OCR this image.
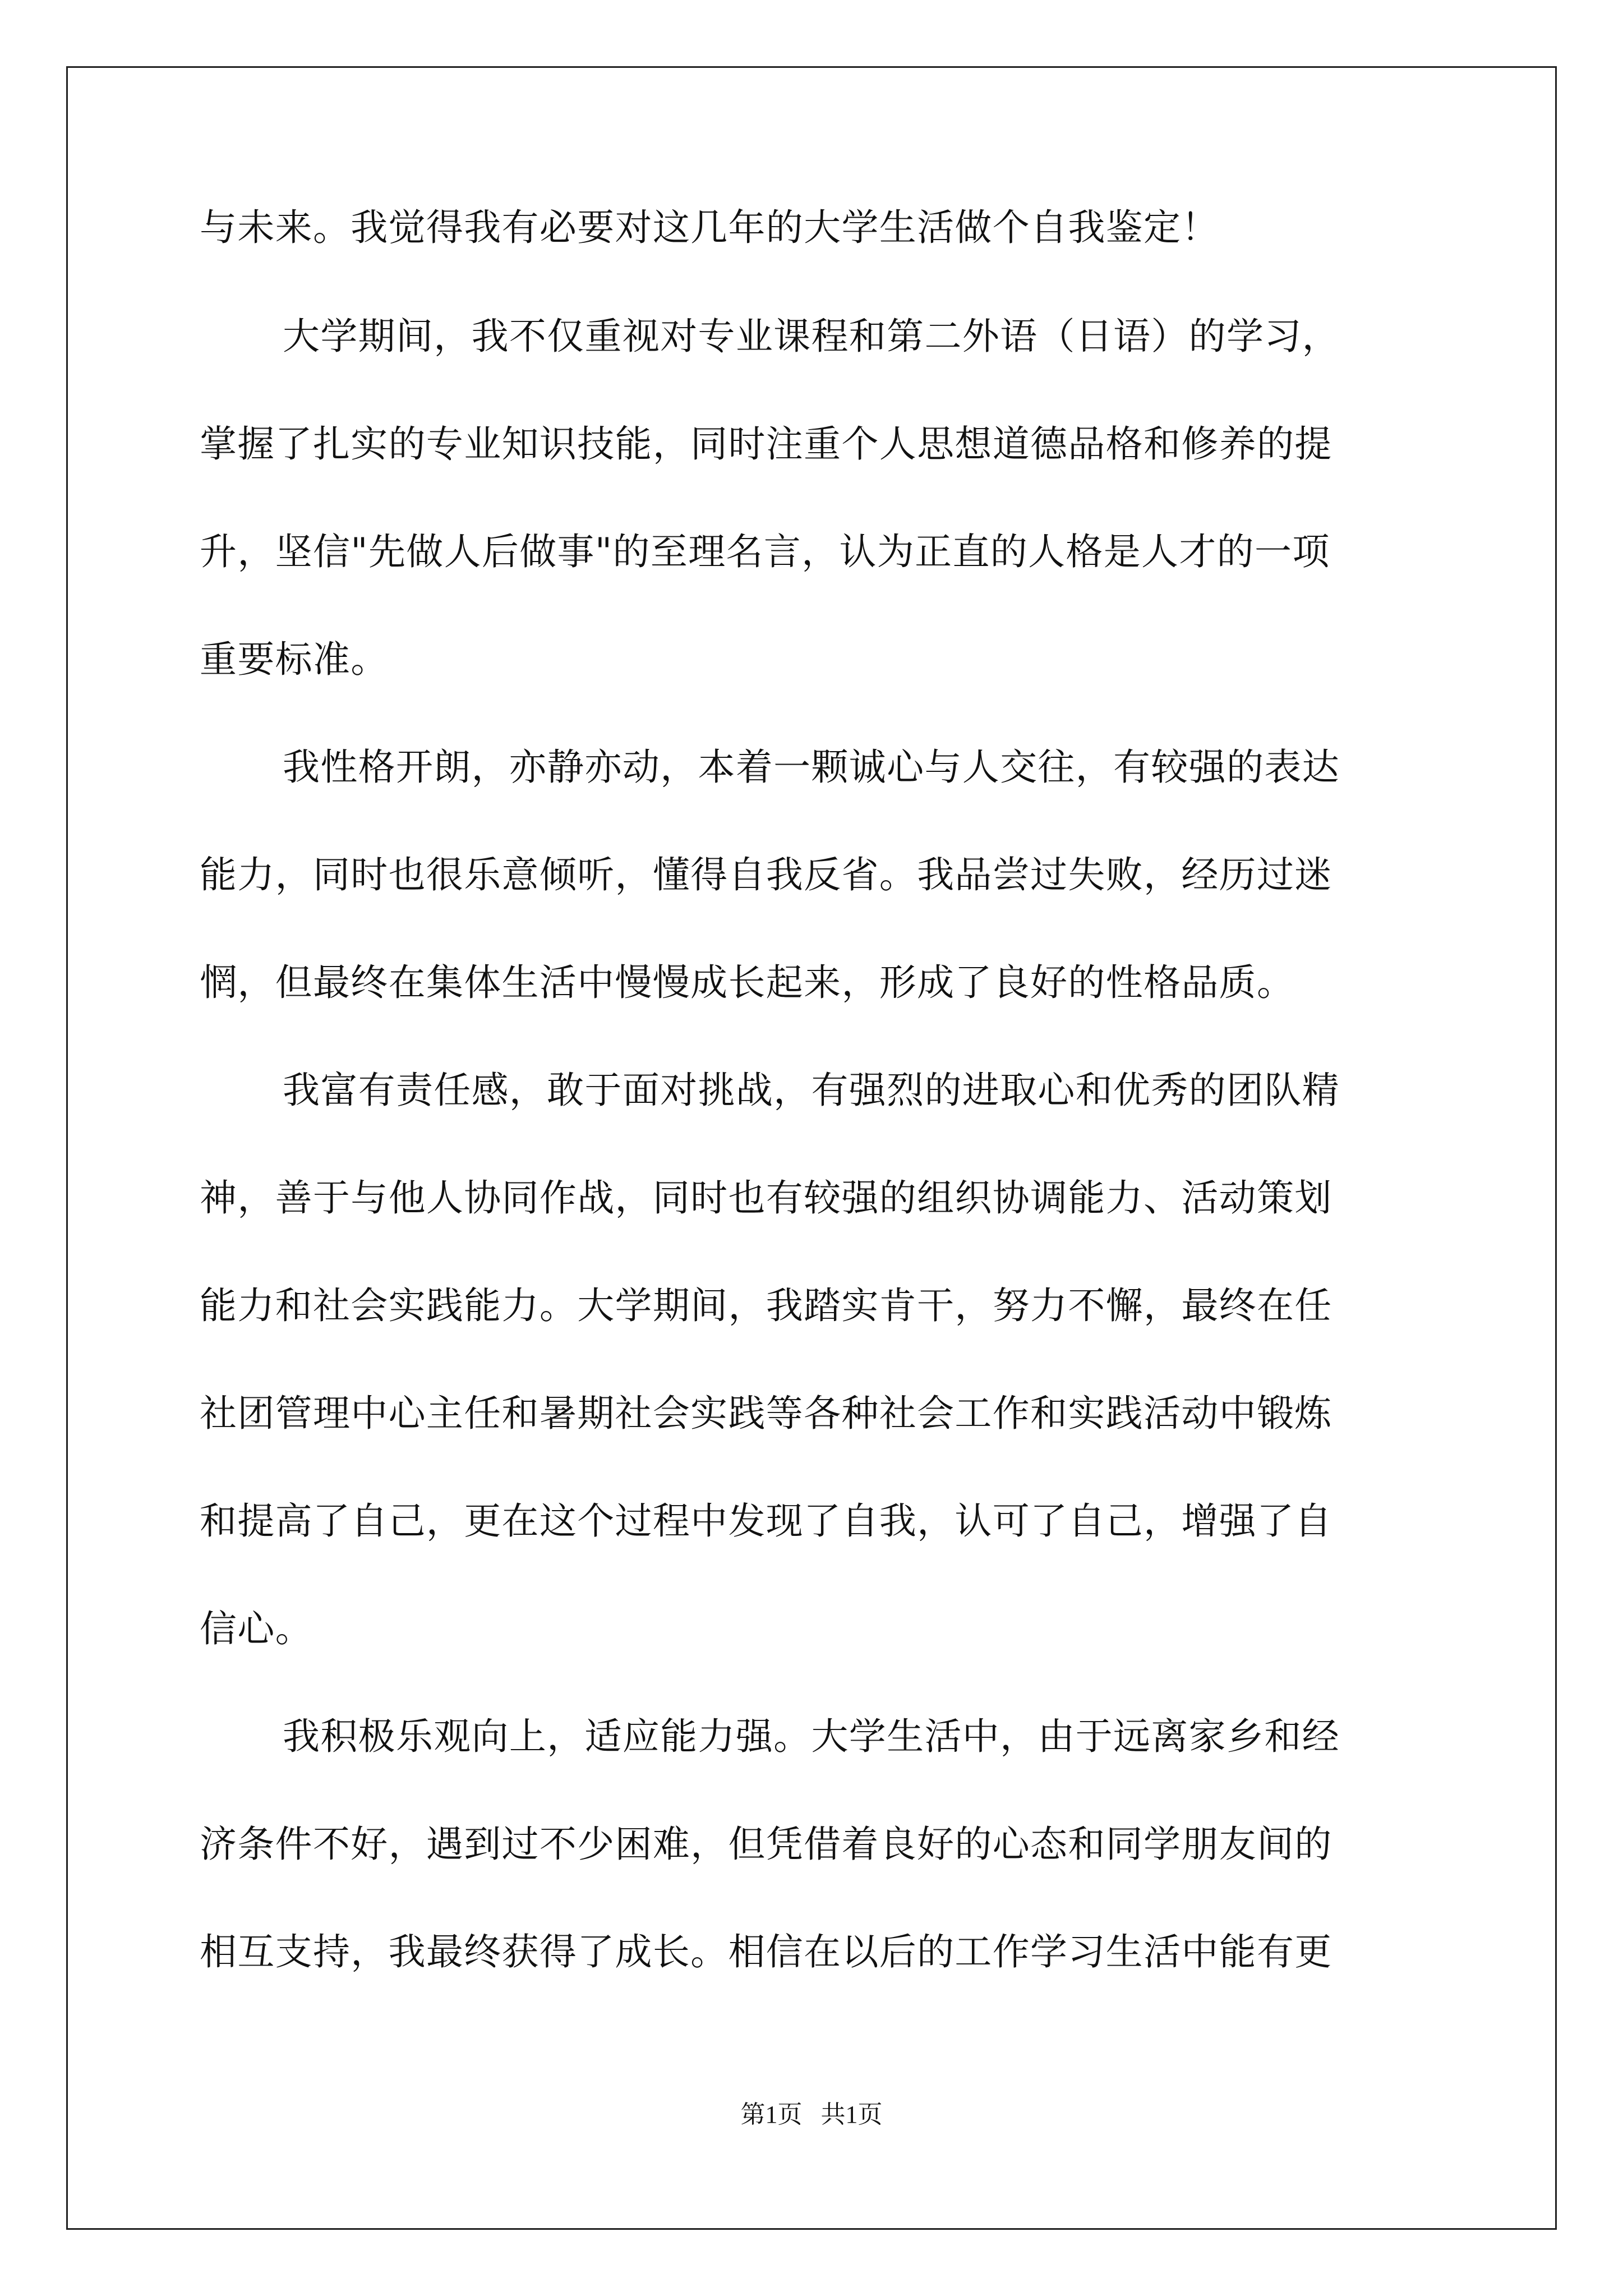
与未来。我觉得我有必要对这几年的大学生活做个自我鉴定！
大学期间，我不仅重视对专业课程和第二外语（日语）的学习，
掌握了扎实的专业知识技能，同时注重个人思想道德品格和修养的提
升，坚信"先做人后做事"的至理名言，认为正直的人格是人才的一项
重要标准。
我性格开朗，亦静亦动，本着一颗诚心与人交往，有较强的表达
能力，同时也很乐意倾听，懂得自我反省。我品尝过失败，经历过迷
惘，但最终在集体生活中慢慢成长起来，形成了良好的性格品质。
我富有责任感，敢于面对挑战，有强烈的进取心和优秀的团队精
神，善于与他人协同作战，同时也有较强的组织协调能力、活动策划
能力和社会实践能力。大学期间，我踏实肯干，努力不懈，最终在任
社团管理中心主任和暑期社会实践等各种社会工作和实践活动中锻炼
和提高了自己，更在这个过程中发现了自我，认可了自己，增强了自
信心。
我积极乐观向上，适应能力强。大学生活中，由于远离家乡和经
济条件不好，遇到过不少困难，但凭借着良好的心态和同学朋友间的
相互支持，我最终获得了成长。相信在以后的工作学习生活中能有更
第1页   共1页
